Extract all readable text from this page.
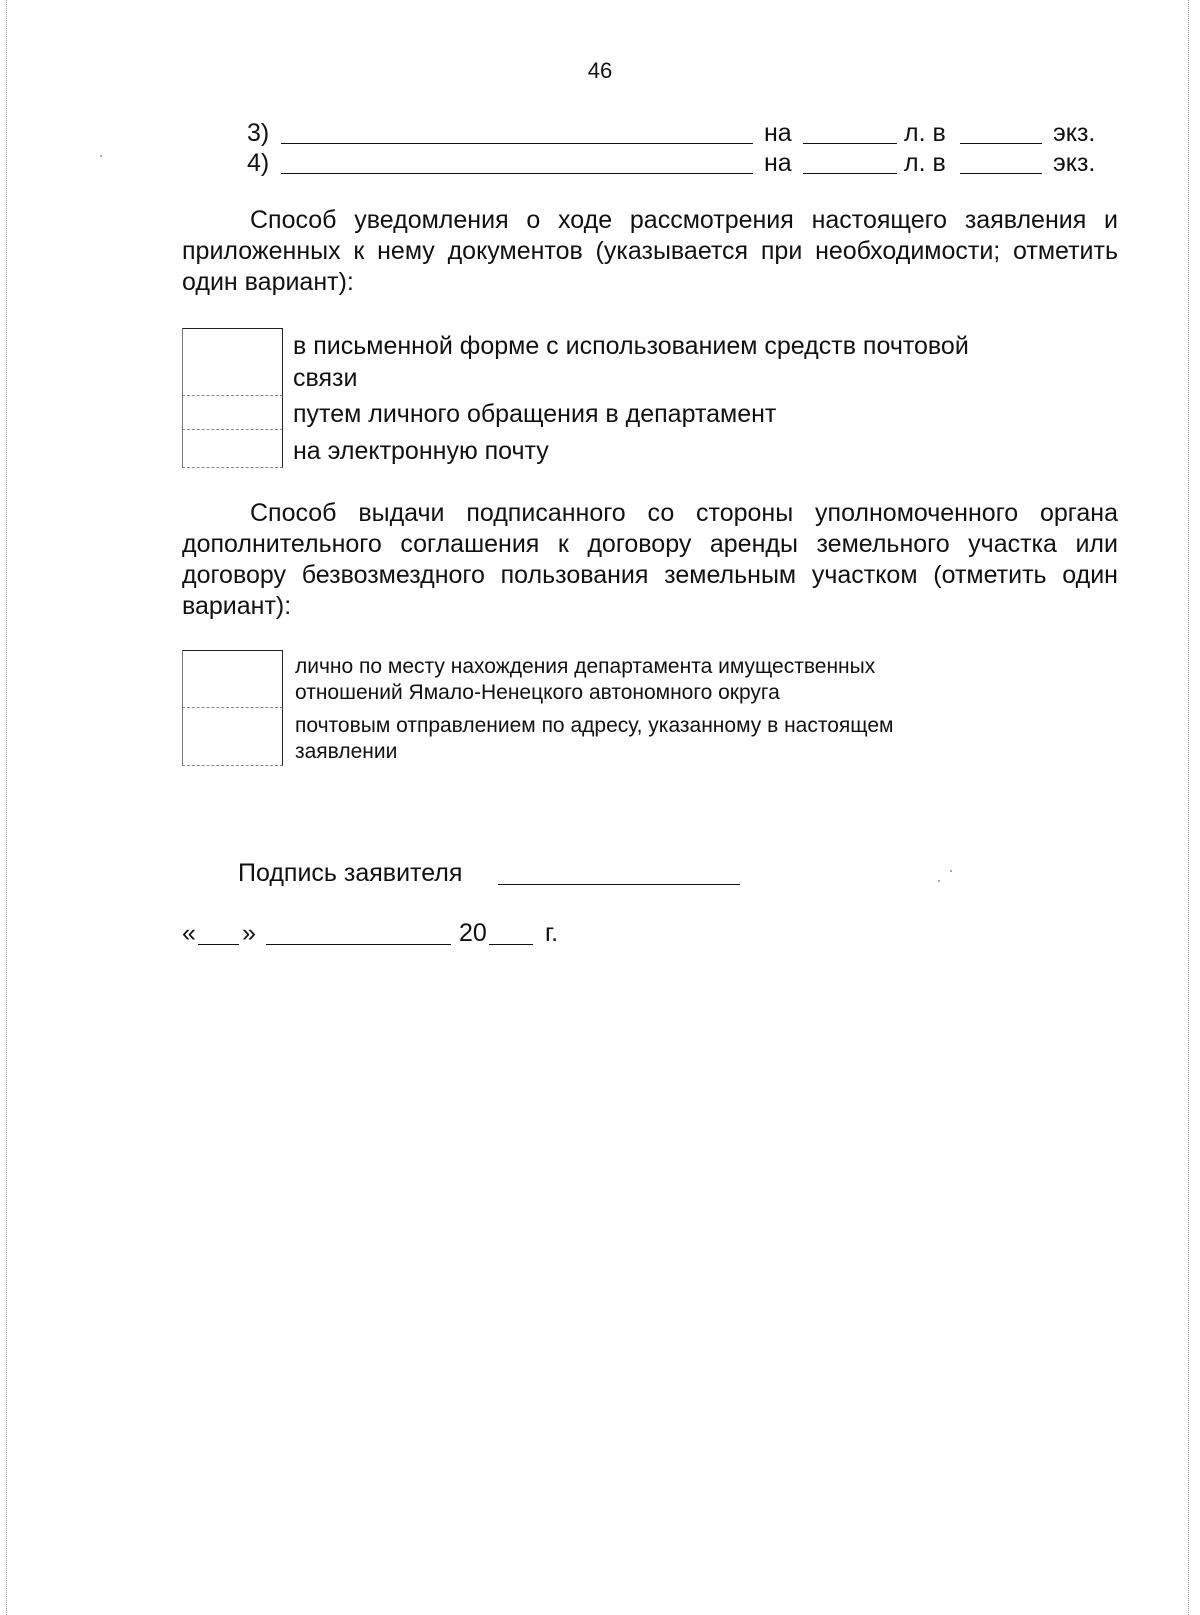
46
3)	на	л. в	экз.
4)	на	л. в	экз.

Способ уведомления о ходе рассмотрения настоящего заявления и приложенных к нему документов (указывается при необходимости; отметить один вариант):

в письменной форме с использованием средств почтовой
связи
путем личного обращения в департамент
на электронную почту

Способ выдачи подписанного со стороны уполномоченного органа дополнительного соглашения к договору аренды земельного участка или договору безвозмездного пользования земельным участком (отметить один вариант):

лично по месту нахождения департамента имущественных
отношений Ямало-Ненецкого автономного округа
почтовым отправлением по адресу, указанному в настоящем
заявлении
Подпись заявителя
« »	20 г.
